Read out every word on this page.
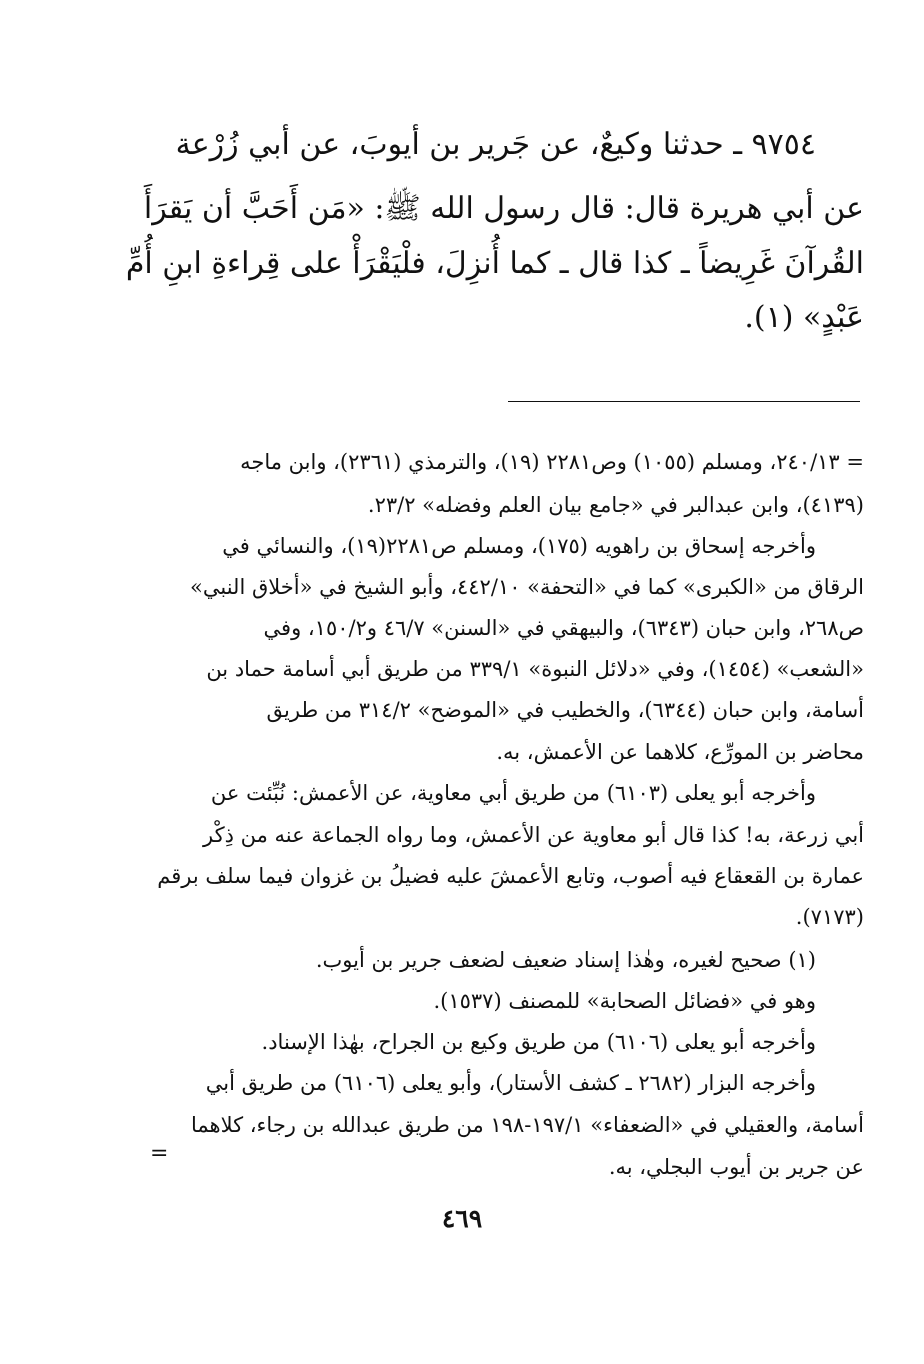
٩٧٥٤ ـ حدثنا وكيعٌ، عن جَرير بن أيوبَ، عن أبي زُرْعة
عن أبي هريرة قال: قال رسول الله ﷺ: «مَن أَحَبَّ أن يَقرَأَ
القُرآنَ غَرِيضاً ـ كذا قال ـ كما أُنزِلَ، فلْيَقْرَأْ على قِراءةِ ابنِ أُمِّ
عَبْدٍ» (١).
= ٢٤٠/١٣، ومسلم (١٠٥٥) وص٢٢٨١ (١٩)، والترمذي (٢٣٦١)، وابن ماجه
(٤١٣٩)، وابن عبدالبر في «جامع بيان العلم وفضله» ٢٣/٢.
وأخرجه إسحاق بن راهويه (١٧٥)، ومسلم ص٢٢٨١(١٩)، والنسائي في
الرقاق من «الكبرى» كما في «التحفة» ٤٤٢/١٠، وأبو الشيخ في «أخلاق النبي»
ص٢٦٨، وابن حبان (٦٣٤٣)، والبيهقي في «السنن» ٤٦/٧ و١٥٠/٢، وفي
«الشعب» (١٤٥٤)، وفي «دلائل النبوة» ٣٣٩/١ من طريق أبي أسامة حماد بن
أسامة، وابن حبان (٦٣٤٤)، والخطيب في «الموضح» ٣١٤/٢ من طريق
محاضر بن المورِّع، كلاهما عن الأعمش، به.
وأخرجه أبو يعلى (٦١٠٣) من طريق أبي معاوية، عن الأعمش: نُبِّئت عن
أبي زرعة، به! كذا قال أبو معاوية عن الأعمش، وما رواه الجماعة عنه من ذِكْر
عمارة بن القعقاع فيه أصوب، وتابع الأعمشَ عليه فضيلُ بن غزوان فيما سلف برقم
(٧١٧٣).
(١) صحيح لغيره، وهٰذا إسناد ضعيف لضعف جرير بن أيوب.
وهو في «فضائل الصحابة» للمصنف (١٥٣٧).
وأخرجه أبو يعلى (٦١٠٦) من طريق وكيع بن الجراح، بهٰذا الإسناد.
وأخرجه البزار (٢٦٨٢ ـ كشف الأستار)، وأبو يعلى (٦١٠٦) من طريق أبي
أسامة، والعقيلي في «الضعفاء» ١٩٧/١-١٩٨ من طريق عبدالله بن رجاء، كلاهما
عن جرير بن أيوب البجلي، به.
=
٤٦٩
